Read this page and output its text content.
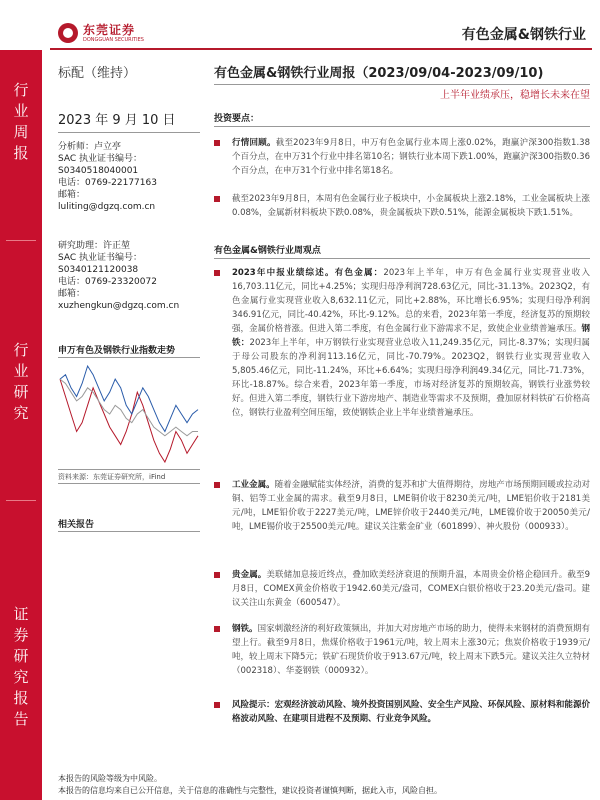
东莞证券
DONGGUAN SECURITIES	有色金属&钢铁行业
行
业
周
报
行
业
研
究
证
券
研
究
报
告
标配（维持）	有色金属&钢铁行业周报（2023/09/04-2023/09/10)
上半年业绩承压，稳增长未来在望
2023 年 9 月 10 日
分析师：卢立亭
SAC 执业证书编号：
S0340518040001
电话：0769-22177163
邮箱：
luliting@dgzq.com.cn
研究助理：许正堃
SAC 执业证书编号：
S0340121120038
电话：0769-23320072
邮箱：
xuzhengkun@dgzq.com.cn
申万有色及钢铁行业指数走势
资料来源：东莞证券研究所，iFind
相关报告
投资要点：
行情回顾。截至2023年9月8日，申万有色金属行业本周上涨0.02%，跑赢沪深300指数1.38个百分点，在申万31个行业中排名第10名；钢铁行业本周下跌1.00%，跑赢沪深300指数0.36个百分点，在申万31个行业中排名第18名。
截至2023年9月8日，本周有色金属行业子板块中，小金属板块上涨2.18%，工业金属板块上涨0.08%，金属新材料板块下跌0.08%，贵金属板块下跌0.51%，能源金属板块下跌1.51%。
有色金属&钢铁行业周观点
2023年中报业绩综述。有色金属：2023年上半年，申万有色金属行业实现营业收入16,703.11亿元，同比+4.25%；实现归母净利润728.63亿元，同比-31.13%。2023Q2，有色金属行业实现营业收入8,632.11亿元，同比+2.88%，环比增长6.95%；实现归母净利润346.91亿元，同比-40.42%，环比-9.12%。总的来看，2023年第一季度，经济复苏的预期较强，金属价格普涨。但进入第二季度，有色金属行业下游需求不足，致使企业业绩普遍承压。钢铁：2023年上半年，申万钢铁行业实现营业总收入11,249.35亿元，同比-8.37%；实现归属于母公司股东的净利润113.16亿元，同比-70.79%。2023Q2，钢铁行业实现营业收入5,805.46亿元，同比-11.24%，环比+6.64%；实现归母净利润49.34亿元，同比-71.73%，环比-18.87%。综合来看，2023年第一季度，市场对经济复苏的预期较高，钢铁行业涨势较好。但进入第二季度，钢铁行业下游房地产、制造业等需求不及预期，叠加原材料铁矿石价格高位，钢铁行业盈利空间压缩，致使钢铁企业上半年业绩普遍承压。
工业金属。随着金融赋能实体经济，消费的复苏和扩大值得期待，房地产市场预期回暖或拉动对铜、铝等工业金属的需求。截至9月8日，LME铜价收于8230美元/吨，LME铝价收于2181美元/吨，LME铅价收于2227美元/吨，LME锌价收于2440美元/吨，LME镍价收于20050美元/吨，LME锡价收于25500美元/吨。建议关注紫金矿业（601899）、神火股份（000933）。
贵金属。美联储加息接近终点，叠加欧美经济衰退的预期升温，本周贵金价格企稳回升。截至9月8日，COMEX黄金价格收于1942.60美元/盎司，COMEX白银价格收于23.20美元/盎司。建议关注山东黄金（600547）。
钢铁。国家刺激经济的利好政策频出，并加大对房地产市场的助力，使得未来钢材的消费预期有望上行。截至9月8日，焦煤价格收于1961元/吨，较上周末上涨30元；焦炭价格收于1939元/吨，较上周末下降5元；铁矿石现货价收于913.67元/吨，较上周末下跌5元。建议关注久立特材（002318）、华菱钢铁（000932）。
风险提示：宏观经济波动风险、境外投资国别风险、安全生产风险、环保风险、原材料和能源价格波动风险、在建项目进程不及预期、行业竞争风险。
本报告的风险等级为中风险。
本报告的信息均来自已公开信息，关于信息的准确性与完整性，建议投资者谨慎判断，据此入市，风险自担。
